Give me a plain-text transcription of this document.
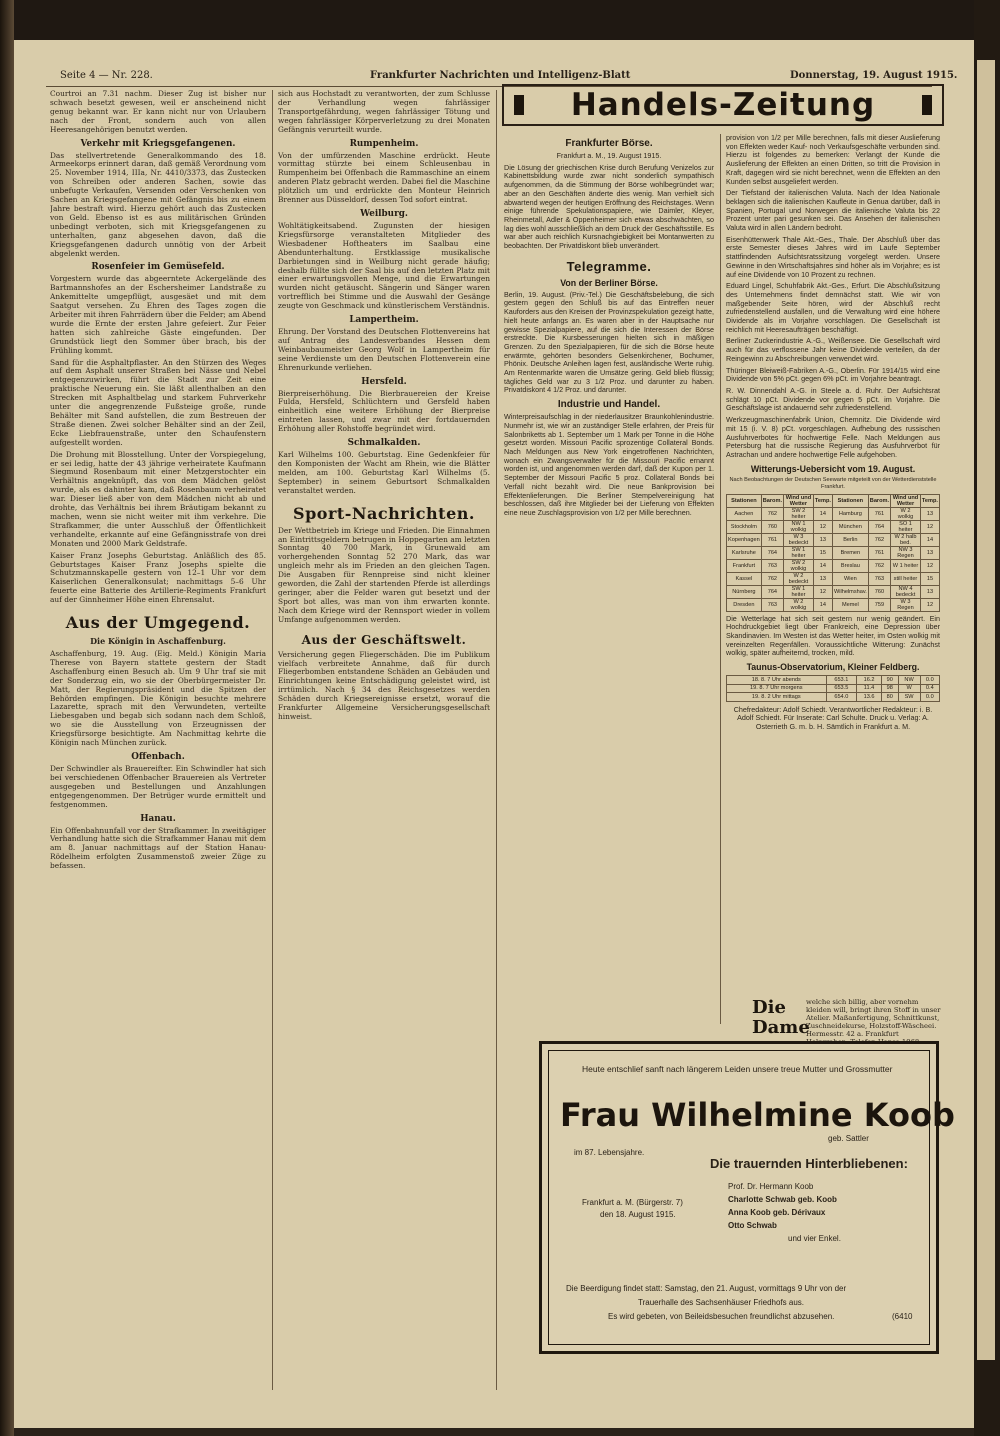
Seite 4 — Nr. 228.	Frankfurter Nachrichten und Intelligenz-Blatt	Donnerstag, 19. August 1915.

Courtroi an 7.31 nachm. Dieser Zug ist bisher nur schwach besetzt gewesen, weil er anscheinend nicht genug bekannt war. Er kann nicht nur von Urlaubern nach der Front, sondern auch von allen Heeresangehörigen benutzt werden.

Verkehr mit Kriegsgefangenen.

Das stellvertretende Generalkommando des 18. Armeekorps erinnert daran, daß gemäß Verordnung vom 25. November 1914, IIIa, Nr. 4410/3373, das Zustecken von Schreiben oder anderen Sachen, sowie das unbefugte Verkaufen, Versenden oder Verschenken von Sachen an Kriegsgefangene mit Gefängnis bis zu einem Jahre bestraft wird. Hierzu gehört auch das Zustecken von Geld. Ebenso ist es aus militärischen Gründen unbedingt verboten, sich mit Kriegsgefangenen zu unterhalten, ganz abgesehen davon, daß die Kriegsgefangenen dadurch unnötig von der Arbeit abgelenkt werden.

Rosenfeier im Gemüsefeld.

Vorgestern wurde das abgeerntete Ackergelände des Bartmannshofes an der Eschersheimer Landstraße zu Ankemittelte umgepflügt, ausgesäet und mit dem Saatgut versehen. Zu Ehren des Tages zogen die Arbeiter mit ihren Fahrrädern über die Felder; am Abend wurde die Ernte der ersten Jahre gefeiert. Zur Feier hatten sich zahlreiche Gäste eingefunden. Der Grundstück liegt den Sommer über brach, bis der Frühling kommt.

Sand für die Asphaltpflaster. An den Stürzen des Weges auf dem Asphalt unserer Straßen bei Nässe und Nebel entgegenzuwirken, führt die Stadt zur Zeit eine praktische Neuerung ein. Sie läßt allenthalben an den Strecken mit Asphaltbelag und starkem Fuhrverkehr unter die angegrenzende Fußsteige große, runde Behälter mit Sand aufstellen, die zum Bestreuen der Straße dienen. Zwei solcher Behälter sind an der Zeil, Ecke Liebfrauenstraße, unter den Schaufenstern aufgestellt worden.

Die Drohung mit Blosstellung. Unter der Vorspiegelung, er sei ledig, hatte der 43 jährige verheiratete Kaufmann Siegmund Rosenbaum mit einer Metzgerstochter ein Verhältnis angeknüpft, das von dem Mädchen gelöst wurde, als es dahinter kam, daß Rosenbaum verheiratet war. Dieser ließ aber von dem Mädchen nicht ab und drohte, das Verhältnis bei ihrem Bräutigam bekannt zu machen, wenn sie nicht weiter mit ihm verkehre. Die Strafkammer, die unter Ausschluß der Öffentlichkeit verhandelte, erkannte auf eine Gefängnisstrafe von drei Monaten und 2000 Mark Geldstrafe.

Kaiser Franz Josephs Geburtstag. Anläßlich des 85. Geburtstages Kaiser Franz Josephs spielte die Schutzmannskapelle gestern von 12–1 Uhr vor dem Kaiserlichen Generalkonsulat; nachmittags 5–6 Uhr feuerte eine Batterie des Artillerie-Regiments Frankfurt auf der Ginnheimer Höhe einen Ehrensalut.

Aus der Umgegend.
Die Königin in Aschaffenburg.

Aschaffenburg, 19. Aug. (Eig. Meld.) Königin Maria Therese von Bayern stattete gestern der Stadt Aschaffenburg einen Besuch ab. Um 9 Uhr traf sie mit der Sonderzug ein, wo sie der Oberbürgermeister Dr. Matt, der Regierungspräsident und die Spitzen der Behörden empfingen. Die Königin besuchte mehrere Lazarette, sprach mit den Verwundeten, verteilte Liebesgaben und begab sich sodann nach dem Schloß, wo sie die Ausstellung von Erzeugnissen der Kriegsfürsorge besichtigte. Am Nachmittag kehrte die Königin nach München zurück.

Offenbach.

Der Schwindler als Brauereifter. Ein Schwindler hat sich bei verschiedenen Offenbacher Brauereien als Vertreter ausgegeben und Bestellungen und Anzahlungen entgegengenommen. Der Betrüger wurde ermittelt und festgenommen.

Hanau.

Ein Offenbahnunfall vor der Strafkammer. In zweitägiger Verhandlung hatte sich die Strafkammer Hanau mit dem am 8. Januar nachmittags auf der Station Hanau-Rödelheim erfolgten Zusammenstoß zweier Züge zu befassen.

sich aus Hochstadt zu verantworten, der zum Schlusse der Verhandlung wegen fahrlässiger Transportgefährdung, wegen fahrlässiger Tötung und wegen fahrlässiger Körperverletzung zu drei Monaten Gefängnis verurteilt wurde.

Rumpenheim.

Von der umfürzenden Maschine erdrückt. Heute vormittag stürzte bei einem Schleusenbau in Rumpenheim bei Offenbach die Rammaschine an einem anderen Platz gebracht werden. Dabei fiel die Maschine plötzlich um und erdrückte den Monteur Heinrich Brenner aus Düsseldorf, dessen Tod sofort eintrat.

Weilburg.

Wohltätigkeitsabend. Zugunsten der hiesigen Kriegsfürsorge veranstalteten Mitglieder des Wiesbadener Hoftheaters im Saalbau eine Abendunterhaltung. Erstklassige musikalische Darbietungen sind in Weilburg nicht gerade häufig; deshalb füllte sich der Saal bis auf den letzten Platz mit einer erwartungsvollen Menge, und die Erwartungen wurden nicht getäuscht. Sängerin und Sänger waren vortrefflich bei Stimme und die Auswahl der Gesänge zeugte von Geschmack und künstlerischem Verständnis.

Lampertheim.

Ehrung. Der Vorstand des Deutschen Flottenvereins hat auf Antrag des Landesverbandes Hessen dem Weinbaubaumeister Georg Wolf in Lampertheim für seine Verdienste um den Deutschen Flottenverein eine Ehrenurkunde verliehen.

Hersfeld.

Bierpreiserhöhung. Die Bierbrauereien der Kreise Fulda, Hersfeld, Schlüchtern und Gersfeld haben einheitlich eine weitere Erhöhung der Bierpreise eintreten lassen, und zwar mit der fortdauernden Erhöhung aller Rohstoffe begründet wird.

Schmalkalden.

Karl Wilhelms 100. Geburtstag. Eine Gedenkfeier für den Komponisten der Wacht am Rhein, wie die Blätter melden, am 100. Geburtstag Karl Wilhelms (5. September) in seinem Geburtsort Schmalkalden veranstaltet werden.

Sport-Nachrichten.

Der Wettbetrieb im Kriege und Frieden. Die Einnahmen an Eintrittsgeldern betrugen in Hoppegarten am letzten Sonntag 40 700 Mark, in Grunewald am vorhergehenden Sonntag 52 270 Mark, das war ungleich mehr als im Frieden an den gleichen Tagen. Die Ausgaben für Rennpreise sind nicht kleiner geworden, die Zahl der startenden Pferde ist allerdings geringer, aber die Felder waren gut besetzt und der Sport bot alles, was man von ihm erwarten konnte. Nach dem Kriege wird der Rennsport wieder in vollem Umfange aufgenommen werden.

Aus der Geschäftswelt.

Versicherung gegen Fliegerschäden. Die im Publikum vielfach verbreitete Annahme, daß für durch Fliegerbomben entstandene Schäden an Gebäuden und Einrichtungen keine Entschädigung geleistet wird, ist irrtümlich. Nach § 34 des Reichsgesetzes werden Schäden durch Kriegsereignisse ersetzt, worauf die Frankfurter Allgemeine Versicherungsgesellschaft hinweist.

Handels-Zeitung
Frankfurter Börse.

Frankfurt a. M., 19. August 1915.

Die Lösung der griechischen Krise durch Berufung Venizelos zur Kabinettsbildung wurde zwar nicht sonderlich sympathisch aufgenommen, da die Stimmung der Börse wohlbegründet war; aber an den Geschäften änderte dies wenig. Man verhielt sich abwartend wegen der heutigen Eröffnung des Reichstages. Wenn einige führende Spekulationspapiere, wie Daimler, Kleyer, Rheinmetall, Adler & Oppenheimer sich etwas abschwächten, so lag dies wohl ausschließlich an dem Druck der Geschäftsstille. Es war aber auch reichlich Kursnachgiebigkeit bei Montanwerten zu beobachten. Der Privatdiskont blieb unverändert.

Telegramme.
Von der Berliner Börse.

Berlin, 19. August. (Priv.-Tel.) Die Geschäftsbelebung, die sich gestern gegen den Schluß bis auf das Eintreffen neuer Kauforders aus den Kreisen der Provinzspekulation gezeigt hatte, hielt heute anfangs an. Es waren aber in der Hauptsache nur gewisse Spezialpapiere, auf die sich die Interessen der Börse erstreckte. Die Kursbesserungen hielten sich in mäßigen Grenzen. Zu den Spezialpapieren, für die sich die Börse heute erwärmte, gehörten besonders Gelsenkirchener, Bochumer, Phönix. Deutsche Anleihen lagen fest, ausländische Werte ruhig. Am Rentenmarkte waren die Umsätze gering. Geld blieb flüssig; tägliches Geld war zu 3 1/2 Proz. und darunter zu haben. Privatdiskont 4 1/2 Proz. und darunter.

Industrie und Handel.

Winterpreisaufschlag in der niederlausitzer Braunkohlenindustrie. Nunmehr ist, wie wir an zuständiger Stelle erfahren, der Preis für Salonbriketts ab 1. September um 1 Mark per Tonne in die Höhe gesetzt worden. Missouri Pacific sprozentige Collateral Bonds. Nach Meldungen aus New York eingetroffenen Nachrichten, wonach ein Zwangsverwalter für die Missouri Pacific ernannt worden ist, und angenommen werden darf, daß der Kupon per 1. September der Missouri Pacific 5 proz. Collateral Bonds bei Verfall nicht bezahlt wird. Die neue Bankprovision bei Effektenlieferungen. Die Berliner Stempelvereinigung hat beschlossen, daß ihre Mitglieder bei der Lieferung von Effekten eine neue Zuschlagsprovision von 1/2 per Mille berechnen.

provision von 1/2 per Mille berechnen, falls mit dieser Auslieferung von Effekten weder Kauf- noch Verkaufsgeschäfte verbunden sind. Hierzu ist folgendes zu bemerken: Verlangt der Kunde die Auslieferung der Effekten an einen Dritten, so tritt die Provision in Kraft, dagegen wird sie nicht berechnet, wenn die Effekten an den Kunden selbst ausgeliefert werden.

Der Tiefstand der italienischen Valuta. Nach der Idea Nationale beklagen sich die italienischen Kaufleute in Genua darüber, daß in Spanien, Portugal und Norwegen die italienische Valuta bis 22 Prozent unter pari gesunken sei. Das Ansehen der italienischen Valuta wird in allen Ländern bedroht.

Eisenhüttenwerk Thale Akt.-Ges., Thale. Der Abschluß über das erste Semester dieses Jahres wird im Laufe September stattfindenden Aufsichtsratssitzung vorgelegt werden. Unsere Gewinne in den Wirtschaftsjahres sind höher als im Vorjahre; es ist auf eine Dividende von 10 Prozent zu rechnen.

Eduard Lingel, Schuhfabrik Akt.-Ges., Erfurt. Die Abschlußsitzung des Unternehmens findet demnächst statt. Wie wir von maßgebender Seite hören, wird der Abschluß recht zufriedenstellend ausfallen, und die Verwaltung wird eine höhere Dividende als im Vorjahre vorschlagen. Die Gesellschaft ist reichlich mit Heeresaufträgen beschäftigt.

Berliner Zuckerindustrie A.-G., Weißensee. Die Gesellschaft wird auch für das verflossene Jahr keine Dividende verteilen, da der Reingewinn zu Abschreibungen verwendet wird.

Thüringer Bleiweiß-Fabriken A.-G., Oberlin. Für 1914/15 wird eine Dividende von 5% pCt. gegen 6% pCt. im Vorjahre beantragt.

R. W. Dinnendahl A.-G. in Steele a. d. Ruhr. Der Aufsichtsrat schlägt 10 pCt. Dividende vor gegen 5 pCt. im Vorjahre. Die Geschäftslage ist andauernd sehr zufriedenstellend.

Werkzeugmaschinenfabrik Union, Chemnitz. Die Dividende wird mit 15 (i. V. 8) pCt. vorgeschlagen. Aufhebung des russischen Ausfuhrverbotes für hochwertige Felle. Nach Meldungen aus Petersburg hat die russische Regierung das Ausfuhrverbot für Astrachan und andere hochwertige Felle aufgehoben.

Witterungs-Uebersicht vom 19. August.

Nach Beobachtungen der Deutschen Seewarte mitgeteilt von der Wetterdienststelle Frankfurt.

Stationen	Barom.	Wind und Wetter	Temp.	Stationen	Barom.	Wind und Wetter	Temp.
Aachen	762	SW 2 heiter	14	Hamburg	761	W 2 wolkig	13
Stockholm	760	NW 1 wolkig	12	München	764	SO 1 heiter	12
Kopenhagen	761	W 3 bedeckt	13	Berlin	762	W 2 halb bed.	14
Karlsruhe	764	SW 1 heiter	15	Bremen	761	NW 3 Regen	13
Frankfurt	763	SW 2 wolkig	14	Breslau	762	W 1 heiter	12
Kassel	762	W 2 bedeckt	13	Wien	763	still heiter	15
Nürnberg	764	SW 1 heiter	12	Wilhelmshav.	760	NW 4 bedeckt	13
Dresden	763	W 2 wolkig	14	Memel	759	W 3 Regen	12

Die Wetterlage hat sich seit gestern nur wenig geändert. Ein Hochdruckgebiet liegt über Frankreich, eine Depression über Skandinavien. Im Westen ist das Wetter heiter, im Osten wolkig mit vereinzelten Regenfällen. Voraussichtliche Witterung: Zunächst wolkig, später aufheiternd, trocken, mild.

Taunus-Observatorium, Kleiner Feldberg.
18. 8. 7 Uhr abends	653.1	16.2	90	NW	0.0
19. 8. 7 Uhr morgens	653.5	11.4	98	W	0.4
19. 8. 2 Uhr mittags	654.0	13.6	80	SW	0.0

Chefredakteur: Adolf Schiedt. Verantwortlicher Redakteur: i. B. Adolf Schiedt. Für Inserate: Carl Schulte. Druck u. Verlag: A. Osterrieth G. m. b. H. Sämtlich in Frankfurt a. M.

Die Dame
welche sich billig, aber vornehm kleiden will, bringt ihren Stoff in unser Atelier. Maßanfertigung, Schnittkunst, Zuschneidekurse, Holzstoff-Wäscheei. Hermesstr. 42 a. Frankfurt
Heute entschlief sanft nach längerem Leiden unsere treue Mutter und Grossmutter
Frau Wilhelmine Koob
geb. Sattler
im 87. Lebensjahre.
Die trauernden Hinterbliebenen:
Prof. Dr. Hermann Koob
Charlotte Schwab geb. Koob
Anna Koob geb. Dérivaux
Otto Schwab
und vier Enkel.
Frankfurt a. M. (Bürgerstr. 7)
den 18. August 1915.
Die Beerdigung findet statt: Samstag, den 21. August, vormittags 9 Uhr von der
Trauerhalle des Sachsenhäuser Friedhofs aus.
Es wird gebeten, von Beileidsbesuchen freundlichst abzusehen.	(6410
